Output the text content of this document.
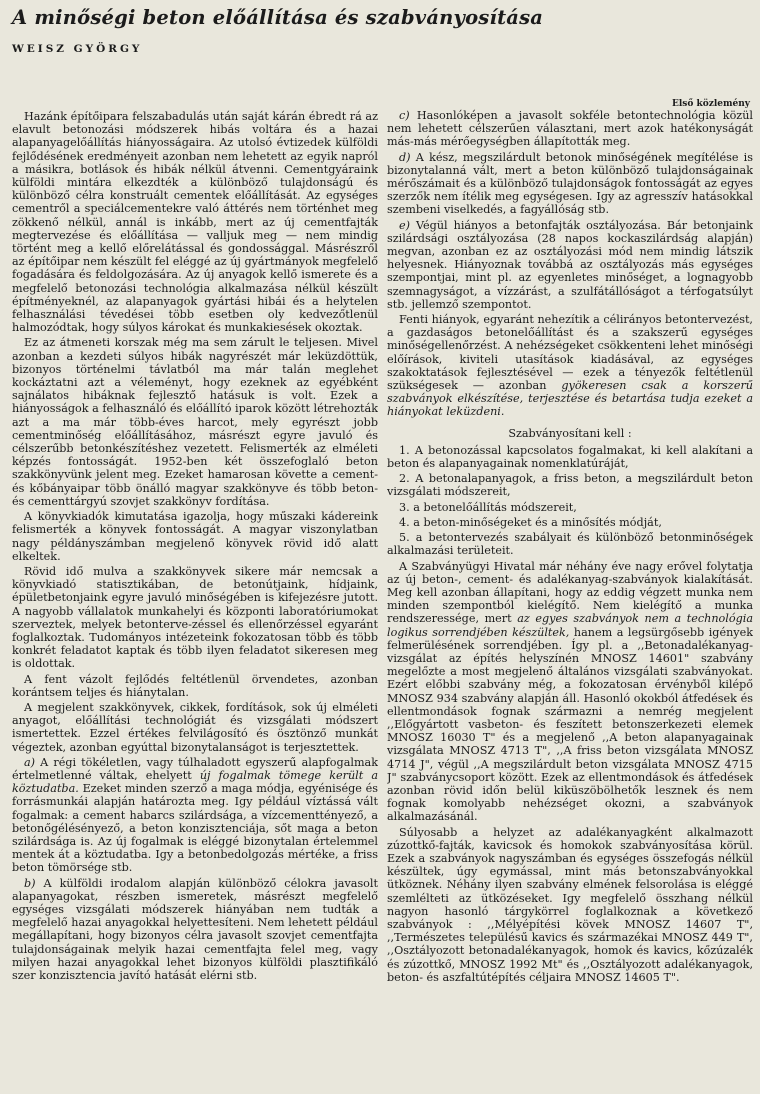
A minőségi beton előállítása és szabványosítása
WEISZ GYÖRGY
Első közlemény

Hazánk építőipara felszabadulás után saját kárán ébredt rá az elavult betonozási módszerek hibás voltára és a hazai alapanyagelőállítás hiányosságaira. Az utolsó évtizedek külföldi fejlődésének eredményeit azonban nem lehetett az egyik napról a másikra, botlások és hibák nélkül átvenni. Cementgyáraink külföldi mintára elkezdték a különböző tulajdonságú és különböző célra konstruált cementek előállítását. Az egységes cementről a speciálcementekre való áttérés nem történhet meg zökkenő nélkül, annál is inkább, mert az új cementfajták megtervezése és előállítása — valljuk meg — nem mindig történt meg a kellő előrelátással és gondossággal. Másrészről az építőipar nem készült fel eléggé az új gyártmányok megfelelő fogadására és feldolgozására. Az új anyagok kellő ismerete és a megfelelő betonozási technológia alkalmazása nélkül készült építményeknél, az alapanyagok gyártási hibái és a helytelen felhasználási tévedései több esetben oly kedvezőtlenül halmozódtak, hogy súlyos károkat és munkakiesések okoztak.

Ez az átmeneti korszak még ma sem zárult le teljesen. Mivel azonban a kezdeti súlyos hibák nagyrészét már leküzdöttük, bizonyos történelmi távlatból ma már talán meglehet kockáztatni azt a véleményt, hogy ezeknek az egyébként sajnálatos hibáknak fejlesztő hatásuk is volt. Ezek a hiányosságok a felhasználó és előállító iparok között létrehozták azt a ma már több-éves harcot, mely egyrészt jobb cementminőség előállításához, másrészt egyre javuló és célszerűbb betonkészítéshez vezetett. Felismerték az elméleti képzés fontosságát. 1952-ben két összefoglaló beton szakkönyvünk jelent meg. Ezeket hamarosan követte a cement- és kőbányaipar több önálló magyar szakkönyve és több beton- és cementtárgyú szovjet szakkönyv fordítása.

A könyvkiadók kimutatása igazolja, hogy műszaki kádereink felismerték a könyvek fontosságát. A magyar viszonylatban nagy példányszámban megjelenő könyvek rövid idő alatt elkeltek.

Rövid idő mulva a szakkönyvek sikere már nemcsak a könyvkiadó statisztikában, de betonútjaink, hídjaink, épületbetonjaink egyre javuló minőségében is kifejezésre jutott. A nagyobb vállalatok munkahelyi és központi laboratóriumokat szerveztek, melyek betonterve-zéssel és ellenőrzéssel egyaránt foglalkoztak. Tudományos intézeteink fokozatosan több és több konkrét feladatot kaptak és több ilyen feladatot sikeresen meg is oldottak.

A fent vázolt fejlődés feltétlenül örvendetes, azonban korántsem teljes és hiánytalan.

A megjelent szakkönyvek, cikkek, fordítások, sok új elméleti anyagot, előállítási technológiát és vizsgálati módszert ismertettek. Ezzel értékes felvilágosító és ösztönző munkát végeztek, azonban egyúttal bizonytalanságot is terjesztettek.

a) A régi tökéletlen, vagy túlhaladott egyszerű alapfogalmak értelmetlenné váltak, ehelyett új fogalmak tömege került a köztudatba. Ezeket minden szerző a maga módja, egyénisége és forrásmunkái alapján határozta meg. Igy például víztássá vált fogalmak: a cement habarcs szilárdsága, a vízcementtényező, a betonőgélésényező, a beton konzisztenciája, sőt maga a beton szilárdsága is. Az új fogalmak is eléggé bizonytalan értelemmel mentek át a köztudatba. Igy a betonbedolgozás mértéke, a friss beton tömörsége stb.

b) A külföldi irodalom alapján különböző célokra javasolt alapanyagokat, részben ismeretek, másrészt megfelelő egységes vizsgálati módszerek hiányában nem tudták a megfelelő hazai anyagokkal helyettesíteni. Nem lehetett például megállapítani, hogy bizonyos célra javasolt szovjet cementfajta tulajdonságainak melyik hazai cementfajta felel meg, vagy milyen hazai anyagokkal lehet bizonyos külföldi plasztifikáló szer konzisztencia javító hatását elérni stb.

c) Hasonlóképen a javasolt sokféle betontechnológia közül nem lehetett célszerűen választani, mert azok hatékonyságát más-más mérőegységben állapították meg.

d) A kész, megszilárdult betonok minőségének megítélése is bizonytalanná vált, mert a beton különböző tulajdonságainak mérőszámait és a különböző tulajdonságok fontosságát az egyes szerzők nem ítélik meg egységesen. Igy az agresszív hatásokkal szembeni viselkedés, a fagyállóság stb.

e) Végül hiányos a betonfajták osztályozása. Bár betonjaink szilárdsági osztályozása (28 napos kockaszilárdság alapján) megvan, azonban ez az osztályozási mód nem mindig látszik helyesnek. Hiányoznak továbbá az osztályozás más egységes szempontjai, mint pl. az egyenletes minőséget, a lognagyobb szemnagyságot, a vízzárást, a szulfátállóságot a térfogatsúlyt stb. jellemző szempontot.

Fenti hiányok, egyaránt nehezítik a célirányos betontervezést, a gazdaságos betonelőállítást és a szakszerű egységes minőségellenőrzést. A nehézségeket csökkenteni lehet minőségi előírások, kiviteli utasítások kiadásával, az egységes szakoktatások fejlesztésével — ezek a tényezők feltétlenül szükségesek — azonban gyökeresen csak a korszerű szabványok elkészítése, terjesztése és betartása tudja ezeket a hiányokat leküzdeni.

Szabványosítani kell :

1. A betonozással kapcsolatos fogalmakat, ki kell alakítani a beton és alapanyagainak nomenklatúráját,

2. A betonalapanyagok, a friss beton, a megszilárdult beton vizsgálati módszereit,

3. a betonelőállítás módszereit,

4. a beton-minőségeket és a minősítés módját,

5. a betontervezés szabályait és különböző betonminőségek alkalmazási területeit.

A Szabványügyi Hivatal már néhány éve nagy erővel folytatja az új beton-, cement- és adalékanyag-szabványok kialakítását. Meg kell azonban állapítani, hogy az eddig végzett munka nem minden szempontból kielégítő. Nem kielégítő a munka rendszeressége, mert az egyes szabványok nem a technológia logikus sorrendjében készültek, hanem a legsürgősebb igények felmerülésének sorrendjében. Így pl. a ,,Betonadalékanyag-vizsgálat az építés helyszínén MNOSZ 14601" szabvány megelőzte a most megjelenő általános vizsgálati szabványokat. Ezért előbbi szabvány még, a fokozatosan érvényből kilépő MNOSZ 934 szabvány alapján áll. Hasonló okokból átfedések és ellentmondások fognak származni a nemrég megjelent ,,Előgyártott vasbeton- és feszített betonszerkezeti elemek MNOSZ 16030 T" és a megjelenő ,,A beton alapanyagainak vizsgálata MNOSZ 4713 T", ,,A friss beton vizsgálata MNOSZ 4714 J", végül ,,A megszilárdult beton vizsgálata MNOSZ 4715 J" szabványcsoport között. Ezek az ellentmondások és átfedések azonban rövid időn belül kiküszöbölhetők lesznek és nem fognak komolyabb nehézséget okozni, a szabványok alkalmazásánál.

Súlyosabb a helyzet az adalékanyagként alkalmazott zúzottkő-fajták, kavicsok és homokok szabványosítása körül. Ezek a szabványok nagyszámban és egységes összefogás nélkül készültek, úgy egymással, mint más betonszabványokkal ütköznek. Néhány ilyen szabvány elmének felsorolása is eléggé szemlélteti az ütközéseket. Igy megfelelő összhang nélkül nagyon hasonló tárgykörrel foglalkoznak a következő szabványok : ,,Mélyépítési kövek MNOSZ 14607 T", ,,Természetes településű kavics és származékai MNOSZ 449 T", ,,Osztályozott betonadalékanyagok, homok és kavics, kőzúzalék és zúzottkő, MNOSZ 1992 Mt" és ,,Osztályozott adalékanyagok, beton- és aszfaltútépítés céljaira MNOSZ 14605 T".
